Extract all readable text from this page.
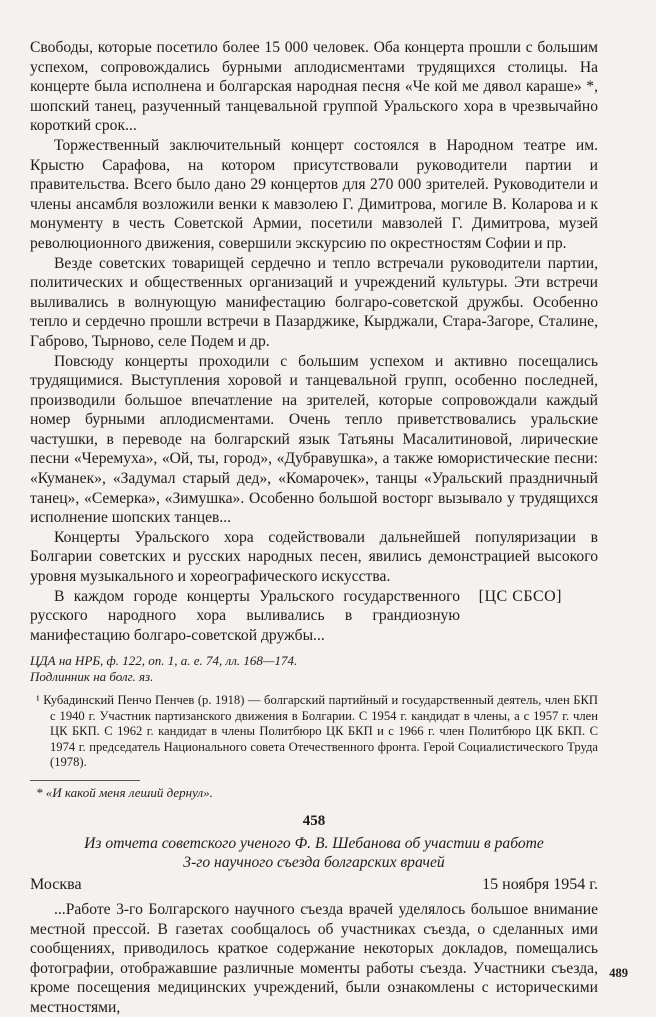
Свободы, которые посетило более 15 000 человек. Оба концерта прошли с большим успехом, сопровождались бурными аплодисментами трудящихся столицы. На концерте была исполнена и болгарская народная песня «Че кой ме дявол караше» *, шопский танец, разученный танцевальной группой Уральского хора в чрезвычайно короткий срок...

Торжественный заключительный концерт состоялся в Народном театре им. Крыстю Сарафова, на котором присутствовали руководители партии и правительства. Всего было дано 29 концертов для 270 000 зрителей. Руководители и члены ансамбля возложили венки к мавзолею Г. Димитрова, могиле В. Коларова и к монументу в честь Советской Армии, посетили мавзолей Г. Димитрова, музей революционного движения, совершили экскурсию по окрестностям Софии и пр.

Везде советских товарищей сердечно и тепло встречали руководители партии, политических и общественных организаций и учреждений культуры. Эти встречи выливались в волнующую манифестацию болгаро-советской дружбы. Особенно тепло и сердечно прошли встречи в Пазарджике, Кырджали, Стара-Загоре, Сталине, Габрово, Тырново, селе Подем и др.

Повсюду концерты проходили с большим успехом и активно посещались трудящимися. Выступления хоровой и танцевальной групп, особенно последней, производили большое впечатление на зрителей, которые сопровождали каждый номер бурными аплодисментами. Очень тепло приветствовались уральские частушки, в переводе на болгарский язык Татьяны Масалитиновой, лирические песни «Черемуха», «Ой, ты, город», «Дубравушка», а также юмористические песни: «Куманек», «Задумал старый дед», «Комарочек», танцы «Уральский праздничный танец», «Семерка», «Зимушка». Особенно большой восторг вызывало у трудящихся исполнение шопских танцев...

Концерты Уральского хора содействовали дальнейшей популяризации в Болгарии советских и русских народных песен, явились демонстрацией высокого уровня музыкального и хореографического искусства.

В каждом городе концерты Уральского государственного русского народного хора выливались в грандиозную манифестацию болгаро-советской дружбы...

[ЦС СБСО]
ЦДА на НРБ, ф. 122, оп. 1, а. е. 74, лл. 168—174.
Подлинник на болг. яз.

¹ Кубадинский Пенчо Пенчев (р. 1918) — болгарский партийный и государственный деятель, член БКП с 1940 г. Участник партизанского движения в Болгарии. С 1954 г. кандидат в члены, а с 1957 г. член ЦК БКП. С 1962 г. кандидат в члены Политбюро ЦК БКП и с 1966 г. член Политбюро ЦК БКП. С 1974 г. председатель Национального совета Отечественного фронта. Герой Социалистического Труда (1978).

* «И какой меня леший дернул».

458
Из отчета советского ученого Ф. В. Шебанова об участии в работе 3-го научного съезда болгарских врачей
Москва	15 ноября 1954 г.

...Работе 3-го Болгарского научного съезда врачей уделялось большое внимание местной прессой. В газетах сообщалось об участниках съезда, о сделанных ими сообщениях, приводилось краткое содержание некоторых докладов, помещались фотографии, отображавшие различные моменты работы съезда. Участники съезда, кроме посещения медицинских учреждений, были ознакомлены с историческими местностями,

489
